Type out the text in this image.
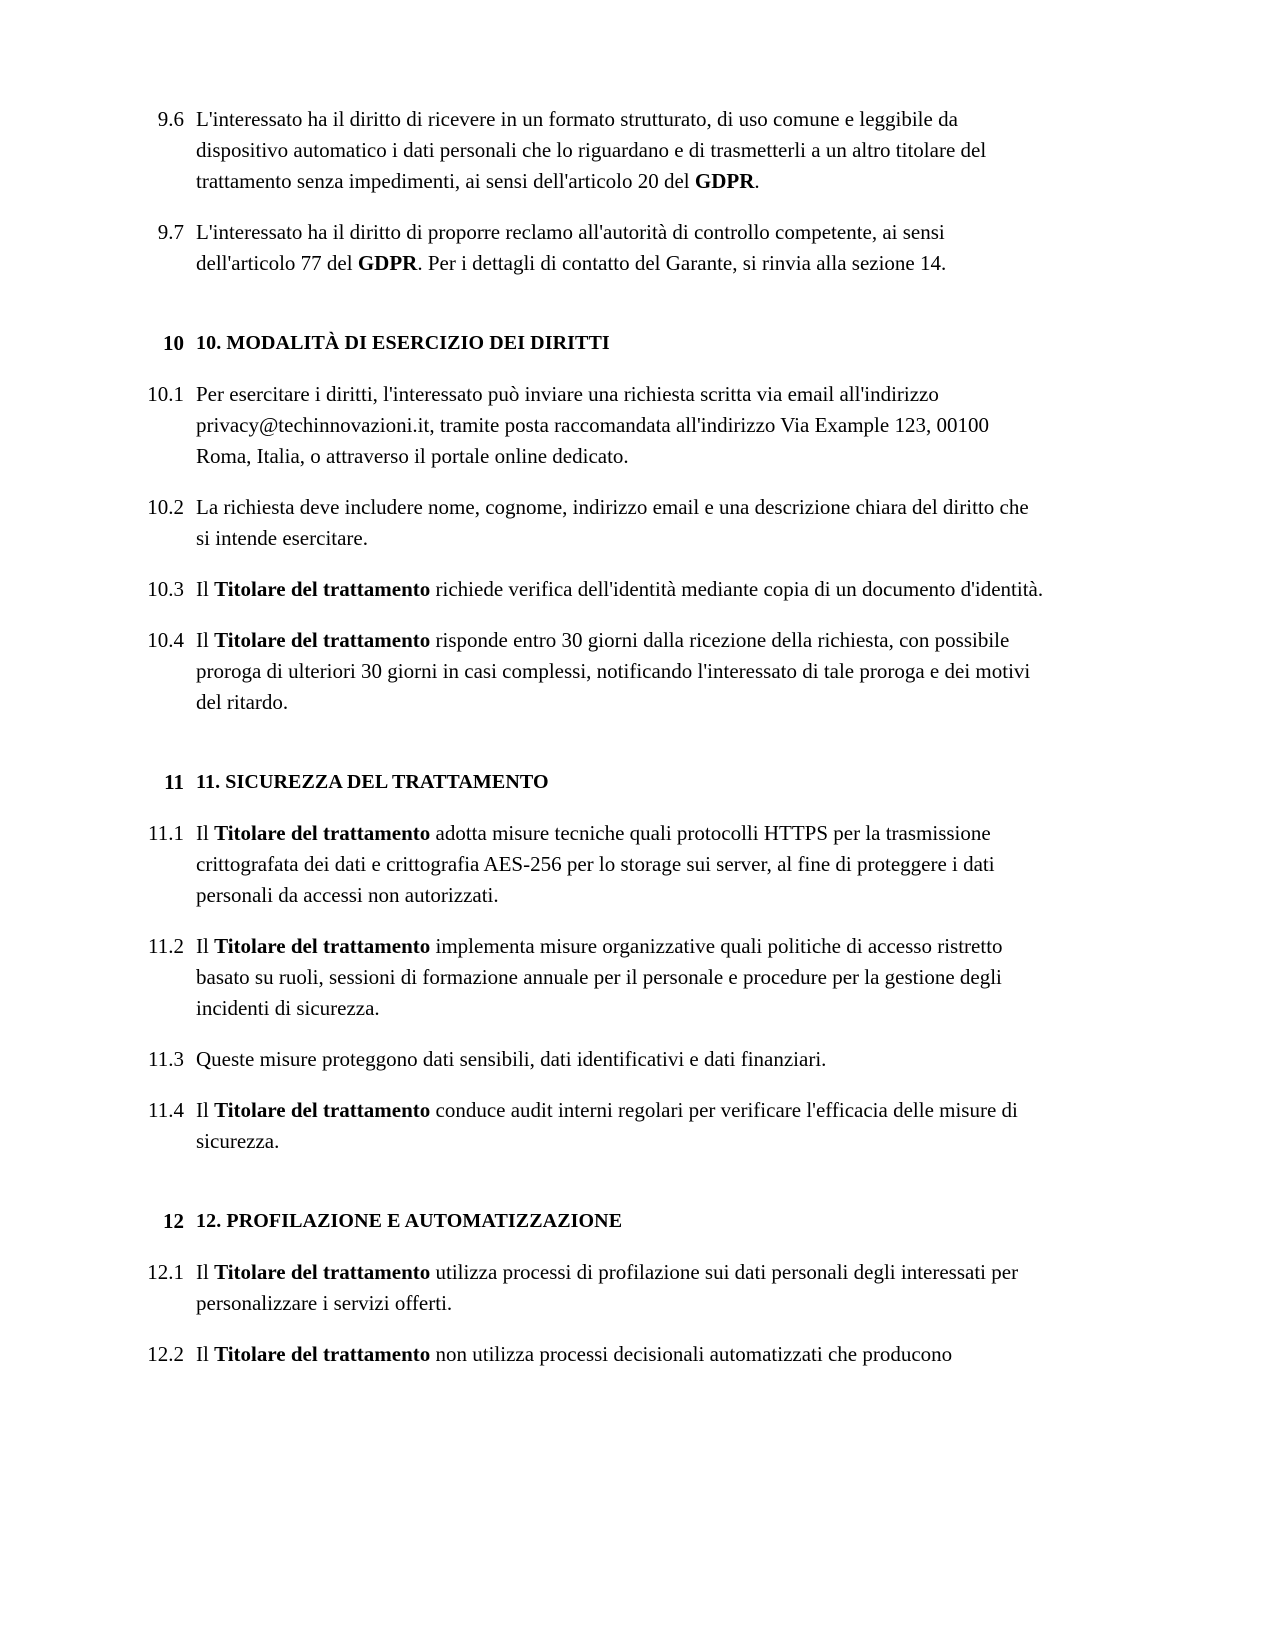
9.6 L'interessato ha il diritto di ricevere in un formato strutturato, di uso comune e leggibile da dispositivo automatico i dati personali che lo riguardano e di trasmetterli a un altro titolare del trattamento senza impedimenti, ai sensi dell'articolo 20 del GDPR.
9.7 L'interessato ha il diritto di proporre reclamo all'autorità di controllo competente, ai sensi dell'articolo 77 del GDPR. Per i dettagli di contatto del Garante, si rinvia alla sezione 14.
10 10. MODALITÀ DI ESERCIZIO DEI DIRITTI
10.1 Per esercitare i diritti, l'interessato può inviare una richiesta scritta via email all'indirizzo privacy@techinnovazioni.it, tramite posta raccomandata all'indirizzo Via Example 123, 00100 Roma, Italia, o attraverso il portale online dedicato.
10.2 La richiesta deve includere nome, cognome, indirizzo email e una descrizione chiara del diritto che si intende esercitare.
10.3 Il Titolare del trattamento richiede verifica dell'identità mediante copia di un documento d'identità.
10.4 Il Titolare del trattamento risponde entro 30 giorni dalla ricezione della richiesta, con possibile proroga di ulteriori 30 giorni in casi complessi, notificando l'interessato di tale proroga e dei motivi del ritardo.
11 11. SICUREZZA DEL TRATTAMENTO
11.1 Il Titolare del trattamento adotta misure tecniche quali protocolli HTTPS per la trasmissione crittografata dei dati e crittografia AES-256 per lo storage sui server, al fine di proteggere i dati personali da accessi non autorizzati.
11.2 Il Titolare del trattamento implementa misure organizzative quali politiche di accesso ristretto basato su ruoli, sessioni di formazione annuale per il personale e procedure per la gestione degli incidenti di sicurezza.
11.3 Queste misure proteggono dati sensibili, dati identificativi e dati finanziari.
11.4 Il Titolare del trattamento conduce audit interni regolari per verificare l'efficacia delle misure di sicurezza.
12 12. PROFILAZIONE E AUTOMATIZZAZIONE
12.1 Il Titolare del trattamento utilizza processi di profilazione sui dati personali degli interessati per personalizzare i servizi offerti.
12.2 Il Titolare del trattamento non utilizza processi decisionali automatizzati che producono
